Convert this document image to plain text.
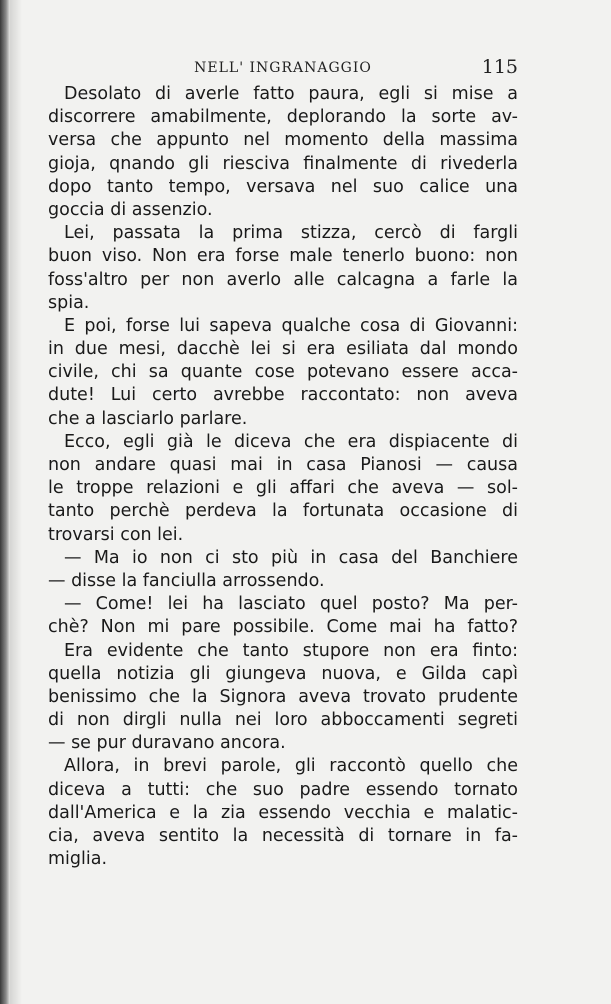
NELL' INGRANAGGIO	115
Desolato di averle fatto paura, egli si mise a
discorrere amabilmente, deplorando la sorte av-
versa che appunto nel momento della massima
gioja, qnando gli riesciva finalmente di rivederla
dopo tanto tempo, versava nel suo calice una
goccia di assenzio.
Lei, passata la prima stizza, cercò di fargli
buon viso. Non era forse male tenerlo buono: non
foss'altro per non averlo alle calcagna a farle la
spia.
E poi, forse lui sapeva qualche cosa di Giovanni:
in due mesi, dacchè lei si era esiliata dal mondo
civile, chi sa quante cose potevano essere acca-
dute! Lui certo avrebbe raccontato: non aveva
che a lasciarlo parlare.
Ecco, egli già le diceva che era dispiacente di
non andare quasi mai in casa Pianosi — causa
le troppe relazioni e gli affari che aveva — sol-
tanto perchè perdeva la fortunata occasione di
trovarsi con lei.
— Ma io non ci sto più in casa del Banchiere
— disse la fanciulla arrossendo.
— Come! lei ha lasciato quel posto? Ma per-
chè? Non mi pare possibile. Come mai ha fatto?
Era evidente che tanto stupore non era finto:
quella notizia gli giungeva nuova, e Gilda capì
benissimo che la Signora aveva trovato prudente
di non dirgli nulla nei loro abboccamenti segreti
— se pur duravano ancora.
Allora, in brevi parole, gli raccontò quello che
diceva a tutti: che suo padre essendo tornato
dall'America e la zia essendo vecchia e malatic-
cia, aveva sentito la necessità di tornare in fa-
miglia.
